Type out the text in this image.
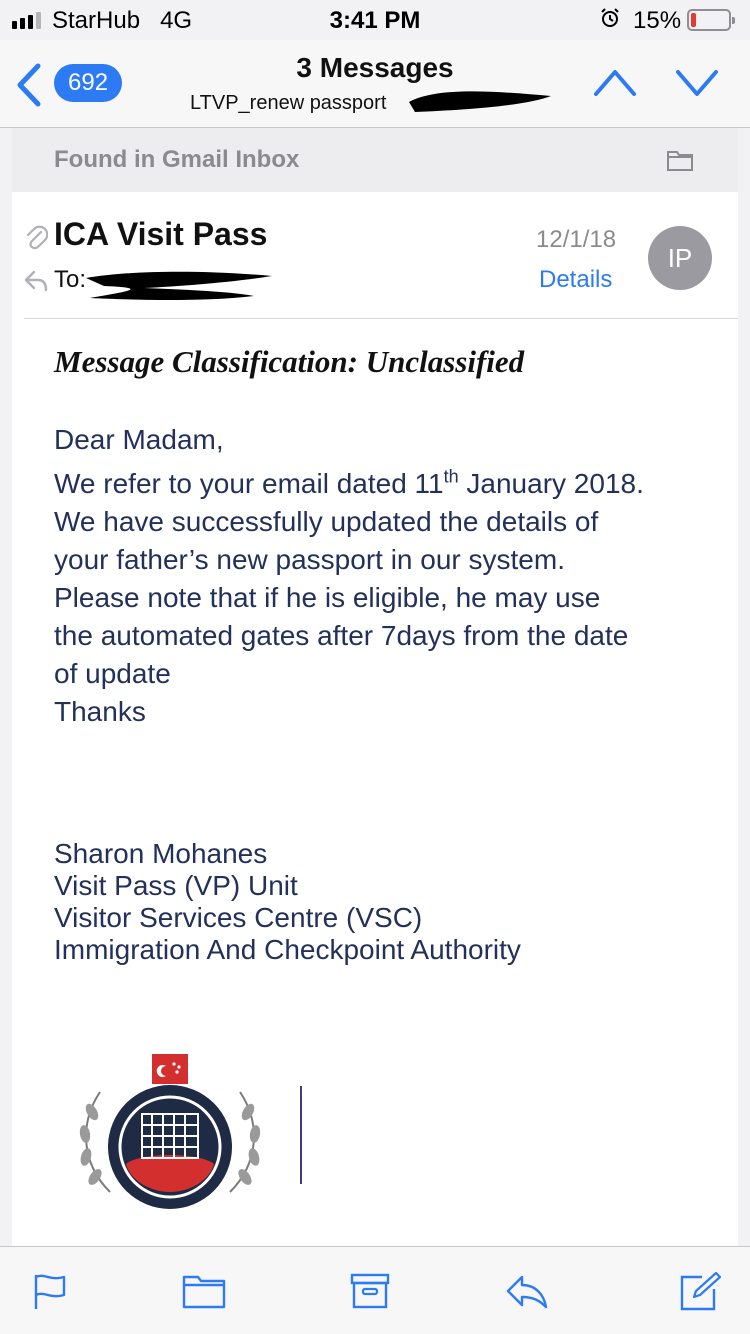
StarHub 4G	3:41 PM	15%
692	3 Messages
LTVP_renew passport
Found in Gmail Inbox
ICA Visit Pass
To:
12/1/18
Details
IP
Message Classification: Unclassified
Dear Madam,
We refer to your email dated 11th January 2018.
We have successfully updated the details of
your father’s new passport in our system.
Please note that if he is eligible, he may use
the automated gates after 7days from the date
of update
Thanks
Sharon Mohanes
Visit Pass (VP) Unit
Visitor Services Centre (VSC)
Immigration And Checkpoint Authority
